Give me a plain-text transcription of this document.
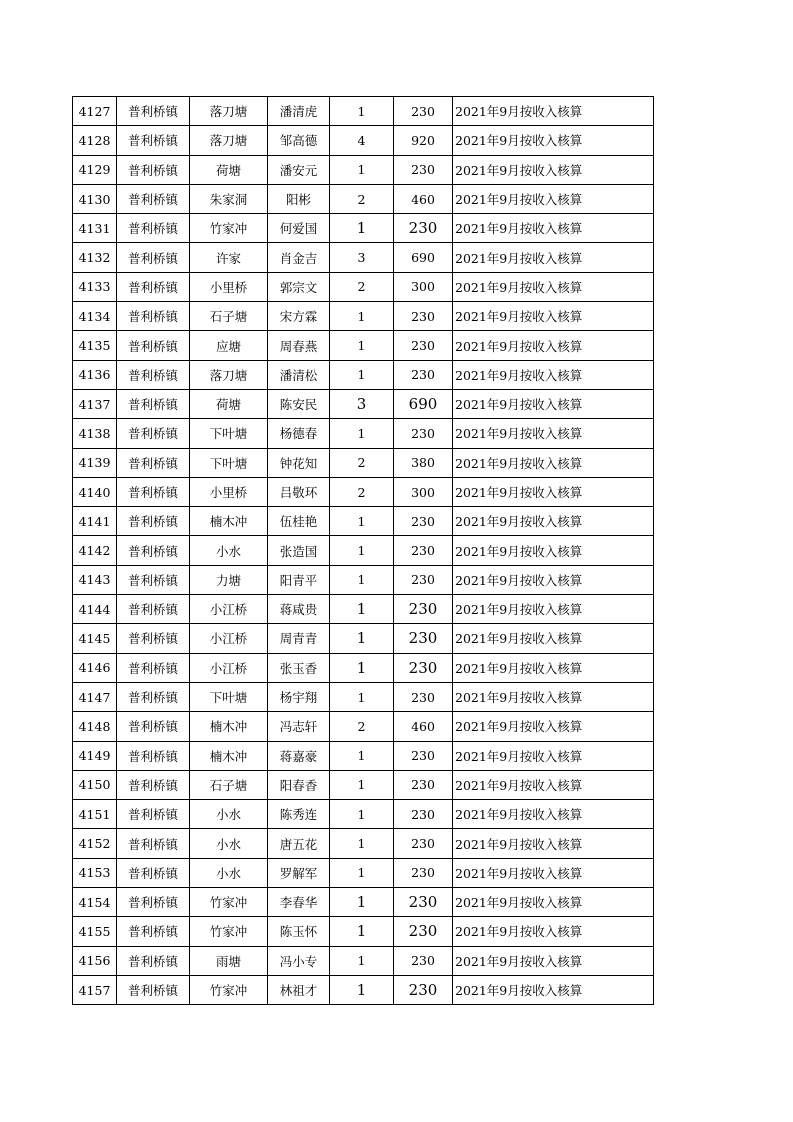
4127	普利桥镇	落刀塘	潘清虎	1	230	2021年9月按收入核算
4128	普利桥镇	落刀塘	邹高德	4	920	2021年9月按收入核算
4129	普利桥镇	荷塘	潘安元	1	230	2021年9月按收入核算
4130	普利桥镇	朱家洞	阳彬	2	460	2021年9月按收入核算
4131	普利桥镇	竹家冲	何爱国	1	230	2021年9月按收入核算
4132	普利桥镇	许家	肖金吉	3	690	2021年9月按收入核算
4133	普利桥镇	小里桥	郭宗文	2	300	2021年9月按收入核算
4134	普利桥镇	石子塘	宋方霖	1	230	2021年9月按收入核算
4135	普利桥镇	应塘	周春燕	1	230	2021年9月按收入核算
4136	普利桥镇	落刀塘	潘清松	1	230	2021年9月按收入核算
4137	普利桥镇	荷塘	陈安民	3	690	2021年9月按收入核算
4138	普利桥镇	下叶塘	杨德春	1	230	2021年9月按收入核算
4139	普利桥镇	下叶塘	钟花知	2	380	2021年9月按收入核算
4140	普利桥镇	小里桥	吕敬环	2	300	2021年9月按收入核算
4141	普利桥镇	楠木冲	伍桂艳	1	230	2021年9月按收入核算
4142	普利桥镇	小水	张造国	1	230	2021年9月按收入核算
4143	普利桥镇	力塘	阳青平	1	230	2021年9月按收入核算
4144	普利桥镇	小江桥	蒋咸贵	1	230	2021年9月按收入核算
4145	普利桥镇	小江桥	周青青	1	230	2021年9月按收入核算
4146	普利桥镇	小江桥	张玉香	1	230	2021年9月按收入核算
4147	普利桥镇	下叶塘	杨宇翔	1	230	2021年9月按收入核算
4148	普利桥镇	楠木冲	冯志轩	2	460	2021年9月按收入核算
4149	普利桥镇	楠木冲	蒋嘉豪	1	230	2021年9月按收入核算
4150	普利桥镇	石子塘	阳春香	1	230	2021年9月按收入核算
4151	普利桥镇	小水	陈秀连	1	230	2021年9月按收入核算
4152	普利桥镇	小水	唐五花	1	230	2021年9月按收入核算
4153	普利桥镇	小水	罗解军	1	230	2021年9月按收入核算
4154	普利桥镇	竹家冲	李春华	1	230	2021年9月按收入核算
4155	普利桥镇	竹家冲	陈玉怀	1	230	2021年9月按收入核算
4156	普利桥镇	雨塘	冯小专	1	230	2021年9月按收入核算
4157	普利桥镇	竹家冲	林祖才	1	230	2021年9月按收入核算
